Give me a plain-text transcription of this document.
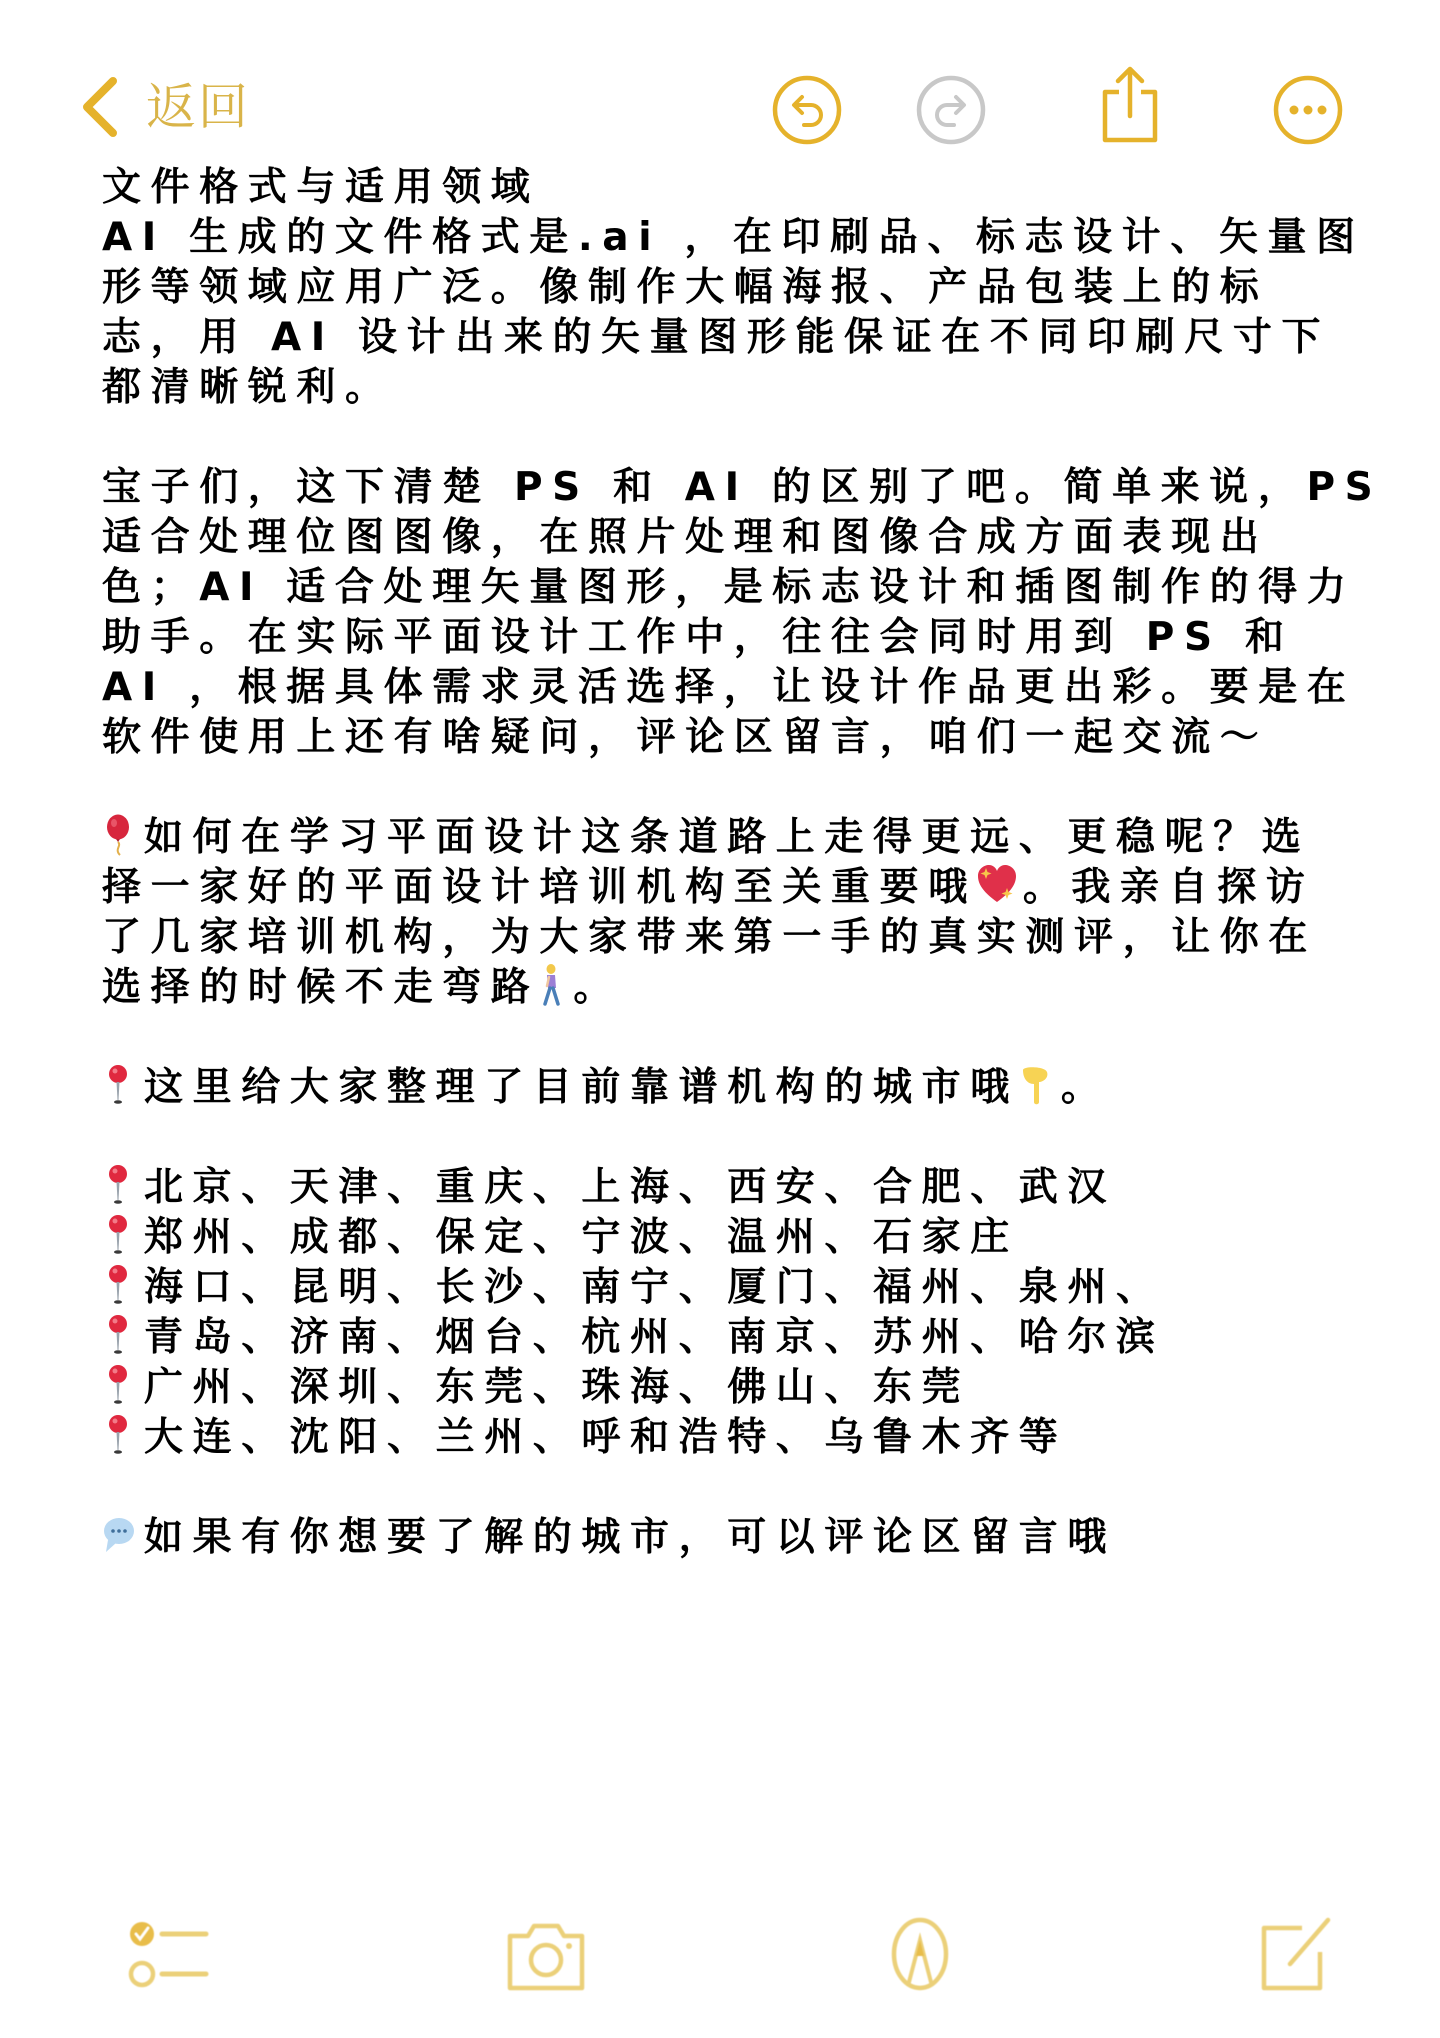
返回
文件格式与适用领域
AI 生成的文件格式是.ai ，在印刷品、标志设计、矢量图
形等领域应用广泛。像制作大幅海报、产品包装上的标
志，用 AI 设计出来的矢量图形能保证在不同印刷尺寸下
都清晰锐利。
宝子们，这下清楚 PS 和 AI 的区别了吧。简单来说，PS
适合处理位图图像，在照片处理和图像合成方面表现出
色；AI 适合处理矢量图形，是标志设计和插图制作的得力
助手。在实际平面设计工作中，往往会同时用到 PS 和
AI ，根据具体需求灵活选择，让设计作品更出彩。要是在
软件使用上还有啥疑问，评论区留言，咱们一起交流～
如何在学习平面设计这条道路上走得更远、更稳呢？选
择一家好的平面设计培训机构至关重要哦 。我亲自探访
了几家培训机构，为大家带来第一手的真实测评，让你在
选择的时候不走弯路 。
这里给大家整理了目前靠谱机构的城市哦 。
北京、天津、重庆、上海、西安、合肥、武汉
郑州、成都、保定、宁波、温州、石家庄
海口、昆明、长沙、南宁、厦门、福州、泉州、
青岛、济南、烟台、杭州、南京、苏州、哈尔滨
广州、深圳、东莞、珠海、佛山、东莞
大连、沈阳、兰州、呼和浩特、乌鲁木齐等
如果有你想要了解的城市，可以评论区留言哦
